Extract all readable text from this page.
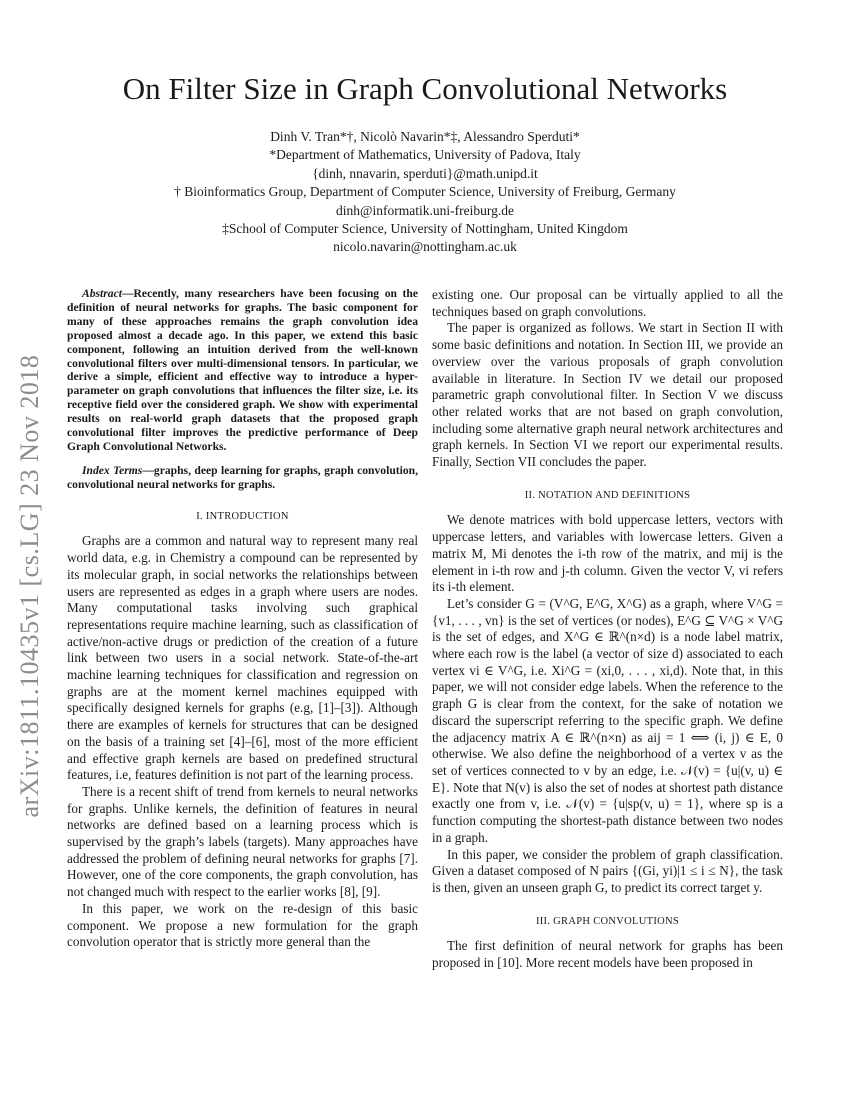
On Filter Size in Graph Convolutional Networks
Dinh V. Tran*†, Nicolò Navarin*‡, Alessandro Sperduti*
*Department of Mathematics, University of Padova, Italy
{dinh, nnavarin, sperduti}@math.unipd.it
† Bioinformatics Group, Department of Computer Science, University of Freiburg, Germany
dinh@informatik.uni-freiburg.de
‡School of Computer Science, University of Nottingham, United Kingdom
nicolo.navarin@nottingham.ac.uk
arXiv:1811.10435v1 [cs.LG] 23 Nov 2018

Abstract—Recently, many researchers have been focusing on the definition of neural networks for graphs. The basic component for many of these approaches remains the graph convolution idea proposed almost a decade ago. In this paper, we extend this basic component, following an intuition derived from the well-known convolutional filters over multi-dimensional tensors. In particular, we derive a simple, efficient and effective way to introduce a hyper-parameter on graph convolutions that influences the filter size, i.e. its receptive field over the considered graph. We show with experimental results on real-world graph datasets that the proposed graph convolutional filter improves the predictive performance of Deep Graph Convolutional Networks.

Index Terms—graphs, deep learning for graphs, graph convolution, convolutional neural networks for graphs.

I. INTRODUCTION

Graphs are a common and natural way to represent many real world data, e.g. in Chemistry a compound can be represented by its molecular graph, in social networks the relationships between users are represented as edges in a graph where users are nodes. Many computational tasks involving such graphical representations require machine learning, such as classification of active/non-active drugs or prediction of the creation of a future link between two users in a social network. State-of-the-art machine learning techniques for classification and regression on graphs are at the moment kernel machines equipped with specifically designed kernels for graphs (e.g, [1]–[3]). Although there are examples of kernels for structures that can be designed on the basis of a training set [4]–[6], most of the more efficient and effective graph kernels are based on predefined structural features, i.e, features definition is not part of the learning process.

There is a recent shift of trend from kernels to neural networks for graphs. Unlike kernels, the definition of features in neural networks are defined based on a learning process which is supervised by the graph’s labels (targets). Many approaches have addressed the problem of defining neural networks for graphs [7]. However, one of the core components, the graph convolution, has not changed much with respect to the earlier works [8], [9].

In this paper, we work on the re-design of this basic component. We propose a new formulation for the graph convolution operator that is strictly more general than the

existing one. Our proposal can be virtually applied to all the techniques based on graph convolutions.

The paper is organized as follows. We start in Section II with some basic definitions and notation. In Section III, we provide an overview over the various proposals of graph convolution available in literature. In Section IV we detail our proposed parametric graph convolutional filter. In Section V we discuss other related works that are not based on graph convolution, including some alternative graph neural network architectures and graph kernels. In Section VI we report our experimental results. Finally, Section VII concludes the paper.

II. NOTATION AND DEFINITIONS

We denote matrices with bold uppercase letters, vectors with uppercase letters, and variables with lowercase letters. Given a matrix M, Mi denotes the i-th row of the matrix, and mij is the element in i-th row and j-th column. Given the vector V, vi refers its i-th element.

Let’s consider G = (V^G, E^G, X^G) as a graph, where V^G = {v1, . . . , vn} is the set of vertices (or nodes), E^G ⊆ V^G × V^G is the set of edges, and X^G ∈ ℝ^(n×d) is a node label matrix, where each row is the label (a vector of size d) associated to each vertex vi ∈ V^G, i.e. Xi^G = (xi,0, . . . , xi,d). Note that, in this paper, we will not consider edge labels. When the reference to the graph G is clear from the context, for the sake of notation we discard the superscript referring to the specific graph. We define the adjacency matrix A ∈ ℝ^(n×n) as aij = 1 ⟺ (i, j) ∈ E, 0 otherwise. We also define the neighborhood of a vertex v as the set of vertices connected to v by an edge, i.e. 𝒩(v) = {u|(v, u) ∈ E}. Note that N(v) is also the set of nodes at shortest path distance exactly one from v, i.e. 𝒩(v) = {u|sp(v, u) = 1}, where sp is a function computing the shortest-path distance between two nodes in a graph.

In this paper, we consider the problem of graph classification. Given a dataset composed of N pairs {(Gi, yi)|1 ≤ i ≤ N}, the task is then, given an unseen graph G, to predict its correct target y.

III. GRAPH CONVOLUTIONS

The first definition of neural network for graphs has been proposed in [10]. More recent models have been proposed in
